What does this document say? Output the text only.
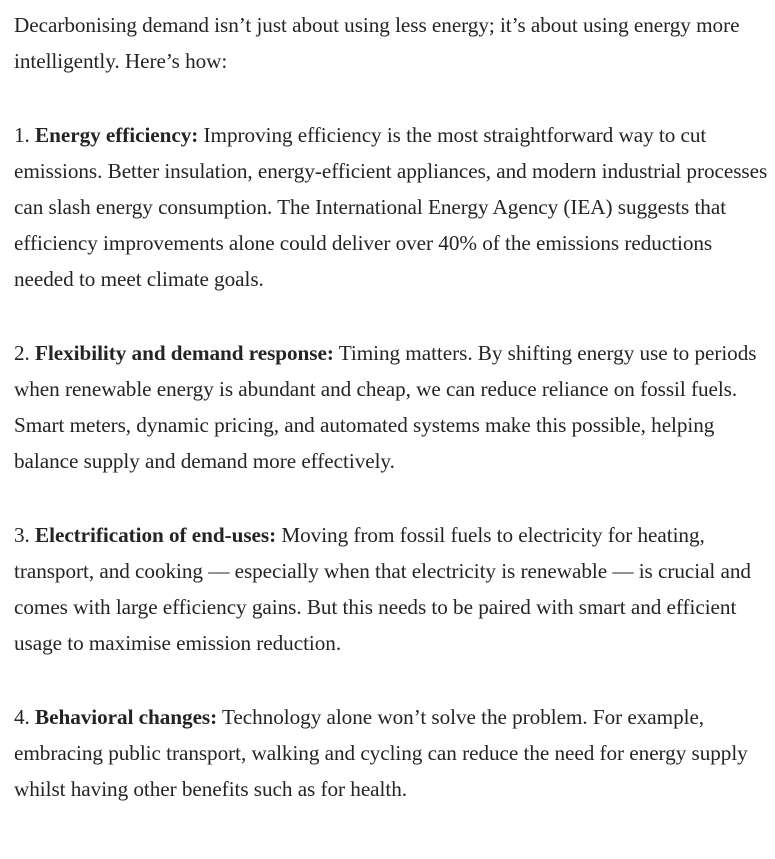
Decarbonising demand isn’t just about using less energy; it’s about using energy more intelligently. Here’s how:

1. Energy efficiency: Improving efficiency is the most straightforward way to cut emissions. Better insulation, energy-efficient appliances, and modern industrial processes can slash energy consumption. The International Energy Agency (IEA) suggests that efficiency improvements alone could deliver over 40% of the emissions reductions needed to meet climate goals.

2. Flexibility and demand response: Timing matters. By shifting energy use to periods when renewable energy is abundant and cheap, we can reduce reliance on fossil fuels. Smart meters, dynamic pricing, and automated systems make this possible, helping balance supply and demand more effectively.

3. Electrification of end-uses: Moving from fossil fuels to electricity for heating, transport, and cooking — especially when that electricity is renewable — is crucial and comes with large efficiency gains. But this needs to be paired with smart and efficient usage to maximise emission reduction.

4. Behavioral changes: Technology alone won’t solve the problem. For example, embracing public transport, walking and cycling can reduce the need for energy supply whilst having other benefits such as for health.
